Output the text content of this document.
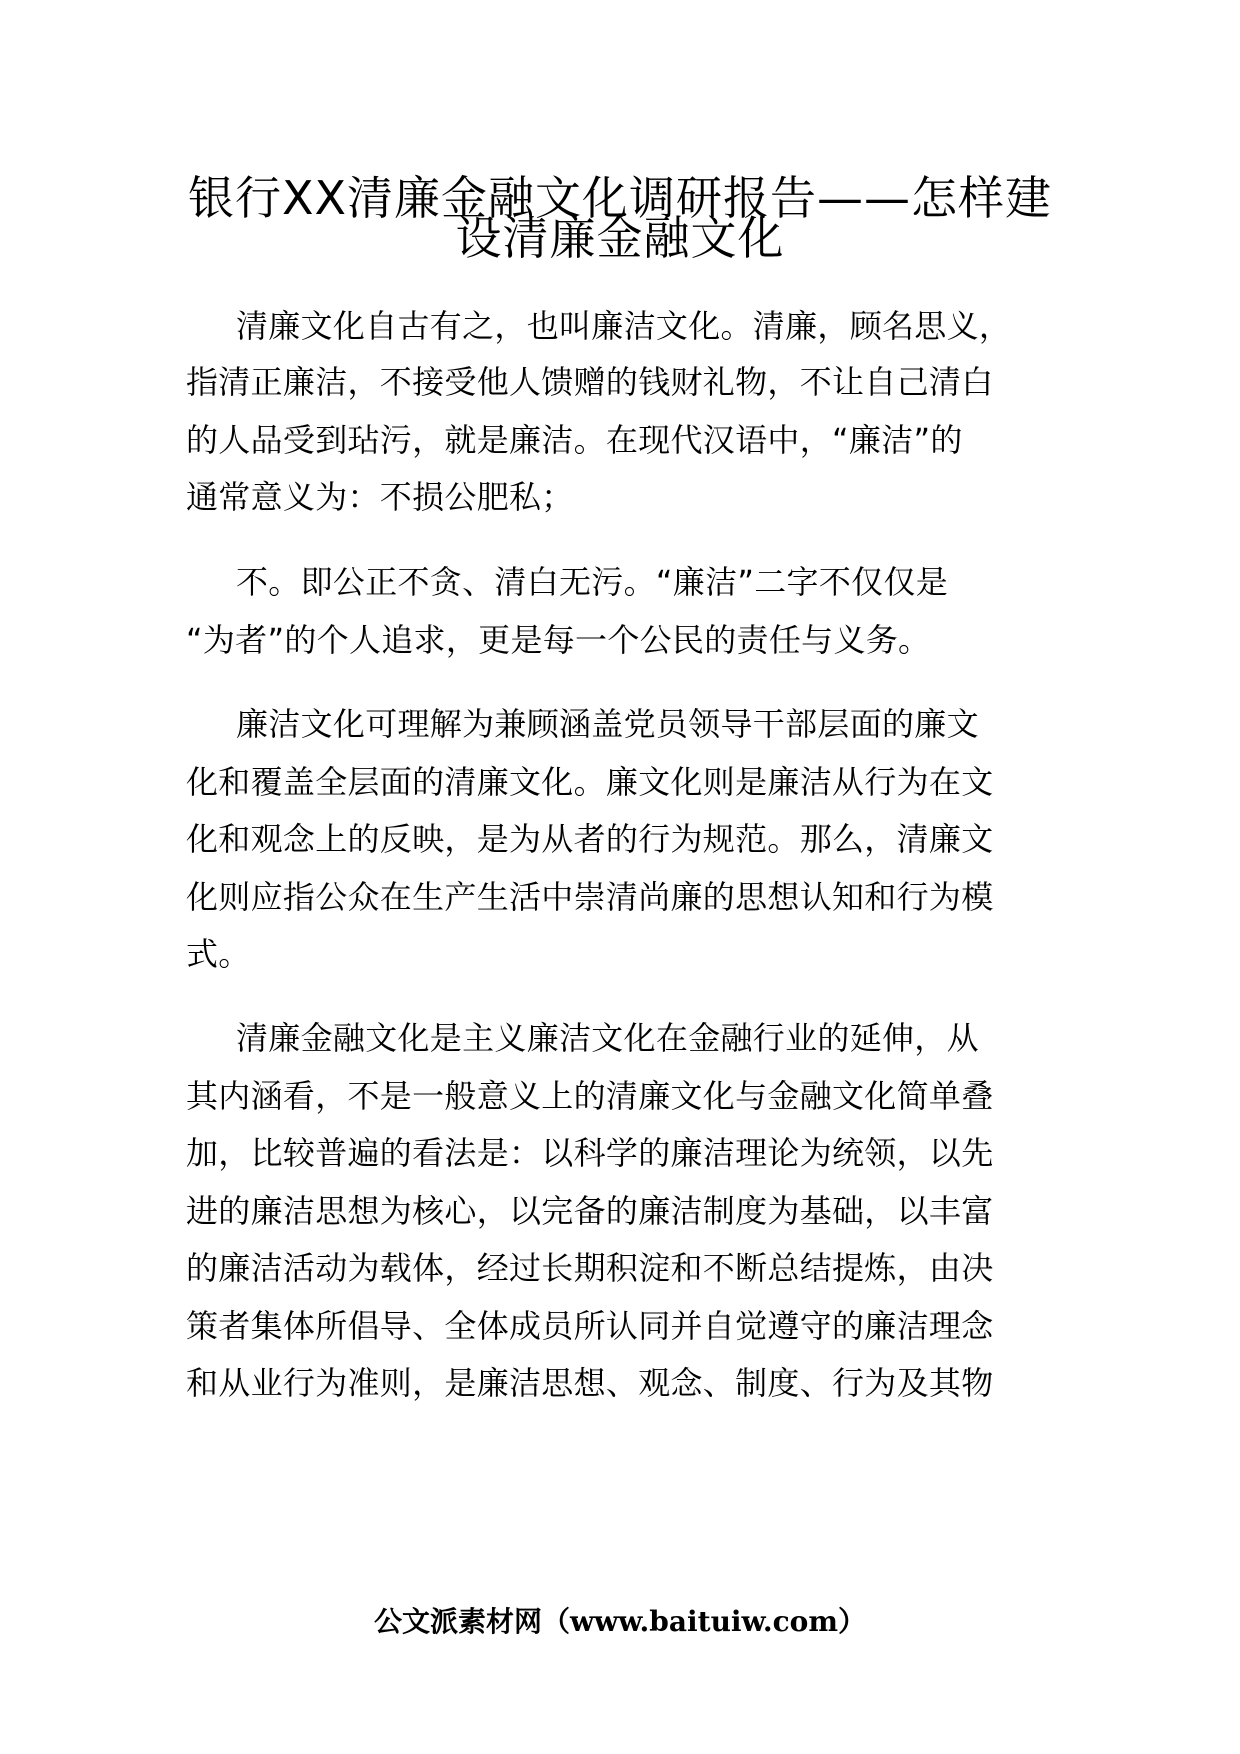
银行XX清廉金融文化调研报告——怎样建
设清廉金融文化
清廉文化自古有之，也叫廉洁文化。清廉，顾名思义，
指清正廉洁，不接受他人馈赠的钱财礼物，不让自己清白
的人品受到玷污，就是廉洁。在现代汉语中，“廉洁”的
通常意义为：不损公肥私；
不。即公正不贪、清白无污。“廉洁”二字不仅仅是
“为者”的个人追求，更是每一个公民的责任与义务。
廉洁文化可理解为兼顾涵盖党员领导干部层面的廉文
化和覆盖全层面的清廉文化。廉文化则是廉洁从行为在文
化和观念上的反映，是为从者的行为规范。那么，清廉文
化则应指公众在生产生活中崇清尚廉的思想认知和行为模
式。
清廉金融文化是主义廉洁文化在金融行业的延伸，从
其内涵看，不是一般意义上的清廉文化与金融文化简单叠
加，比较普遍的看法是：以科学的廉洁理论为统领，以先
进的廉洁思想为核心，以完备的廉洁制度为基础，以丰富
的廉洁活动为载体，经过长期积淀和不断总结提炼，由决
策者集体所倡导、全体成员所认同并自觉遵守的廉洁理念
和从业行为准则，是廉洁思想、观念、制度、行为及其物
公文派素材网（www.baituiw.com）
